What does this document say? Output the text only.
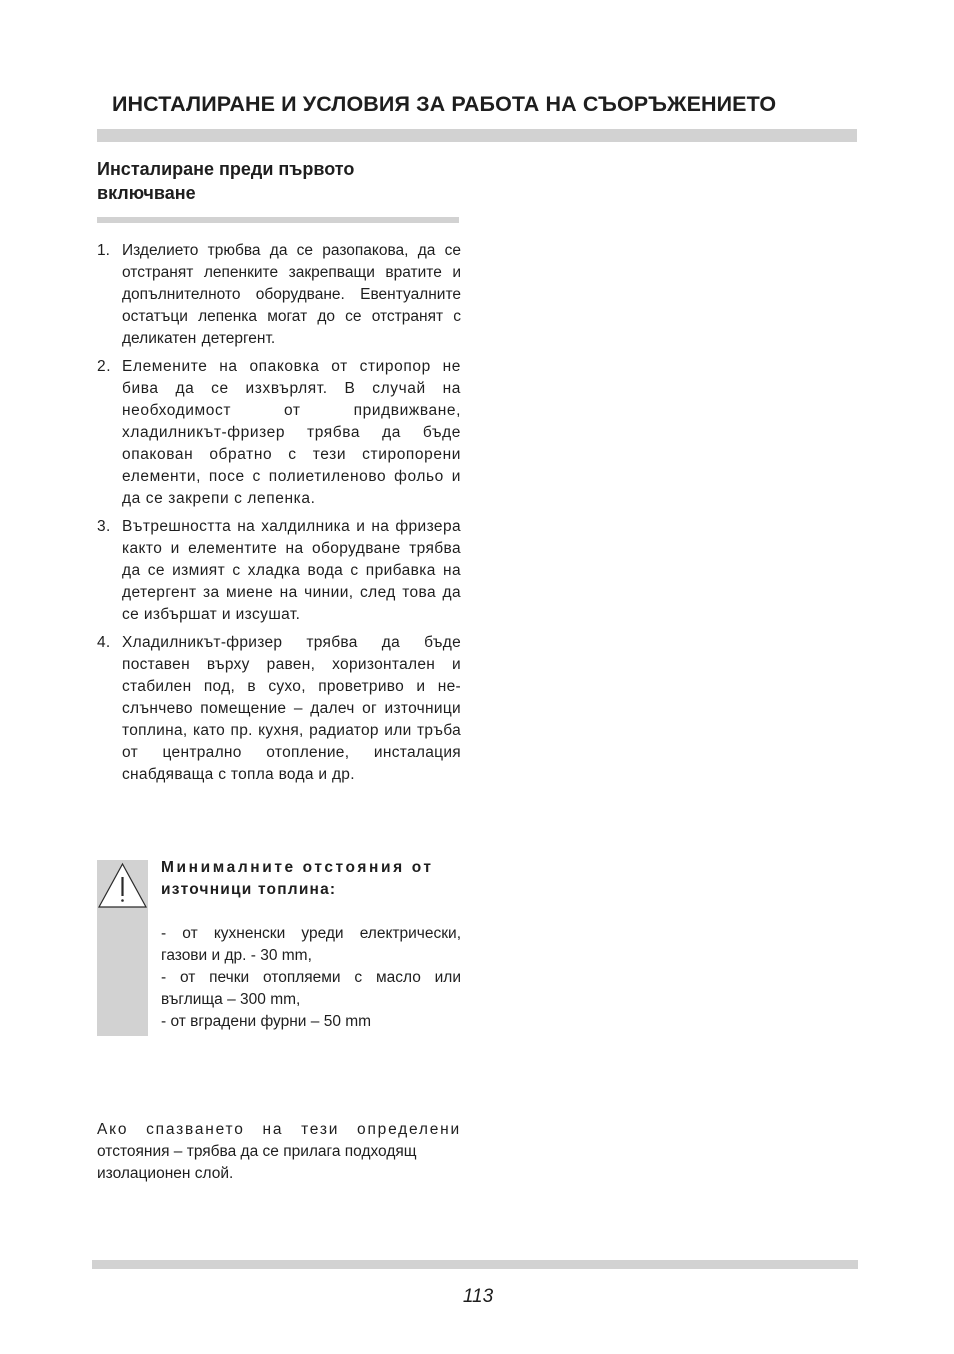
ИНСТАЛИРАНЕ И УСЛОВИЯ ЗА РАБОТА НА СЪОРЪЖЕНИЕТО
Инсталиране преди първото
включване
1. Изделието трюбва да се разопакова, да се отстранят лепенките закрепващи вратите и допълнителното оборудване. Евентуалните остатъци лепенка могат до се отстранят с деликатен детергент.
2. Елемените на опаковка от стиропор не бива да се изхвърлят. В случай на необходимост от придвижване, хладилникът-фризер трябва да бъде опакован обратно с тези стиропорени елементи, посе с полиетиленово фольо и да се закрепи с лепенка.
3. Вътрешността на халдилника и на фризера както и елементите на оборудване трябва да се измият с хладка вода с прибавка на детергент за миене на чинии, след това да се избършат и изсушат.
4. Хладилникът-фризер трябва да бъде поставен върху равен, хоризонтален и стабилен под, в сухо, проветриво и не-слънчево помещение – далеч ог източници топлина, като пр. кухня, радиатор или тръба от централно отопление, инсталация снабдяваща с топла вода и др.
Минималните отстояния от
източници топлина:
- от кухненски уреди електрически, газови и др. - 30 mm,
- от печки отопляеми с масло или въглища – 300 mm,
- от вградени фурни – 50 mm
Ако спазването на тези определени
отстояния – трябва да се прилага подходящ изолационен слой.
113
